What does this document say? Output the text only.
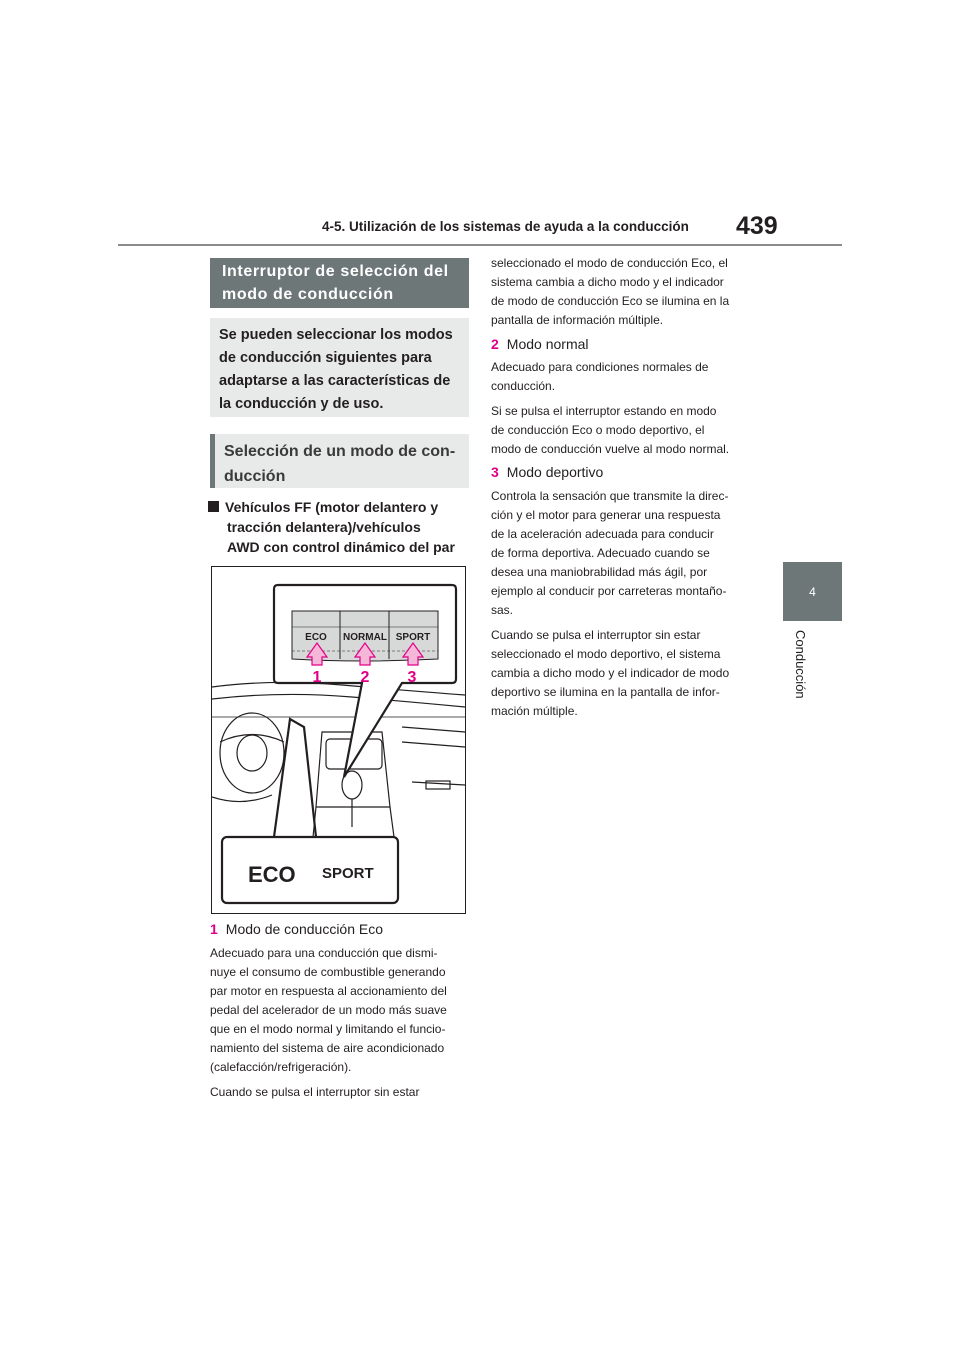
4-5. Utilización de los sistemas de ayuda a la conducción 439
4
Conducción
Interruptor de selección del modo de conducción
Se pueden seleccionar los modos de conducción siguientes para adaptarse a las características de la conducción y de uso.
Selección de un modo de con-ducción
Vehículos FF (motor delantero y
tracción delantera)/vehículos
AWD con control dinámico del par
ECO NORMAL SPORT
1 2 3
ECO SPORT
1 Modo de conducción Eco
Adecuado para una conducción que dismi-
nuye el consumo de combustible generando
par motor en respuesta al accionamiento del
pedal del acelerador de un modo más suave
que en el modo normal y limitando el funcio-
namiento del sistema de aire acondicionado
(calefacción/refrigeración).
Cuando se pulsa el interruptor sin estar
seleccionado el modo de conducción Eco, el
sistema cambia a dicho modo y el indicador
de modo de conducción Eco se ilumina en la
pantalla de información múltiple.
2 Modo normal
Adecuado para condiciones normales de
conducción.
Si se pulsa el interruptor estando en modo
de conducción Eco o modo deportivo, el
modo de conducción vuelve al modo normal.
3 Modo deportivo
Controla la sensación que transmite la direc-
ción y el motor para generar una respuesta
de la aceleración adecuada para conducir
de forma deportiva. Adecuado cuando se
desea una maniobrabilidad más ágil, por
ejemplo al conducir por carreteras montaño-
sas.
Cuando se pulsa el interruptor sin estar
seleccionado el modo deportivo, el sistema
cambia a dicho modo y el indicador de modo
deportivo se ilumina en la pantalla de infor-
mación múltiple.
